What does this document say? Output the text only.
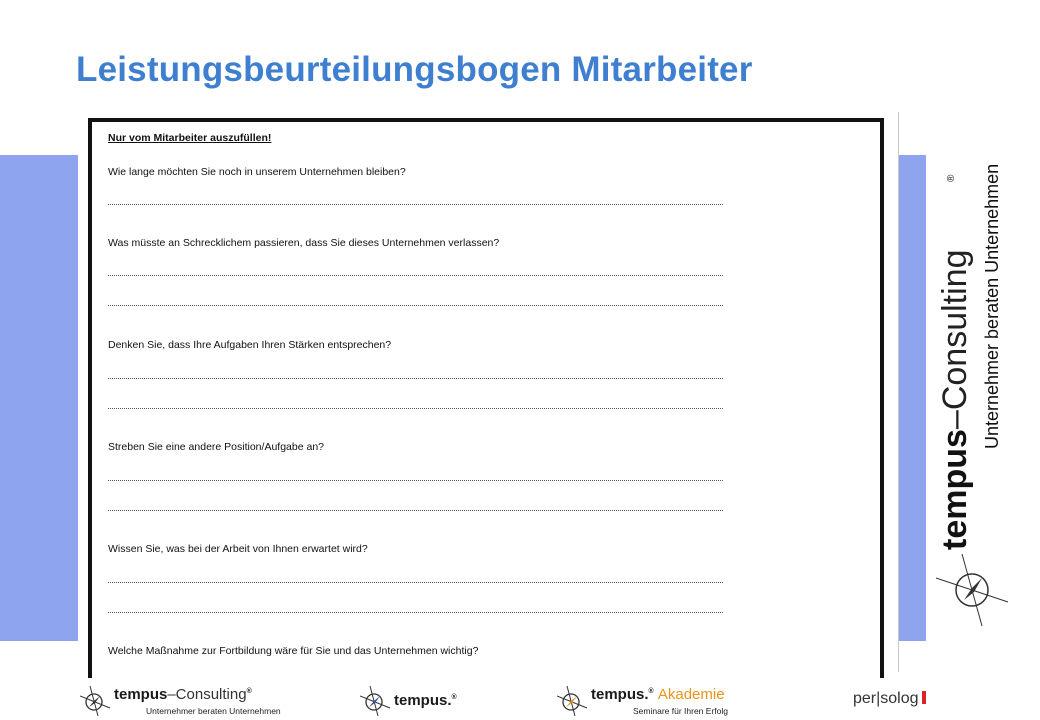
Leistungsbeurteilungsbogen Mitarbeiter
Nur vom Mitarbeiter auszufüllen!
Wie lange möchten Sie noch in unserem Unternehmen bleiben?
Was müsste an Schrecklichem passieren, dass Sie dieses Unternehmen verlassen?
Denken Sie, dass Ihre Aufgaben Ihren Stärken entsprechen?
Streben Sie eine andere Position/Aufgabe an?
Wissen Sie, was bei der Arbeit von Ihnen erwartet wird?
Welche Maßnahme zur Fortbildung wäre für Sie und das Unternehmen wichtig?
tempus–Consulting
® Unternehmer beraten Unternehmen
tempus–Consulting®
Unternehmer beraten Unternehmen
tempus.®	tempus.® Akademie
Seminare für Ihren Erfolg
per|solog
